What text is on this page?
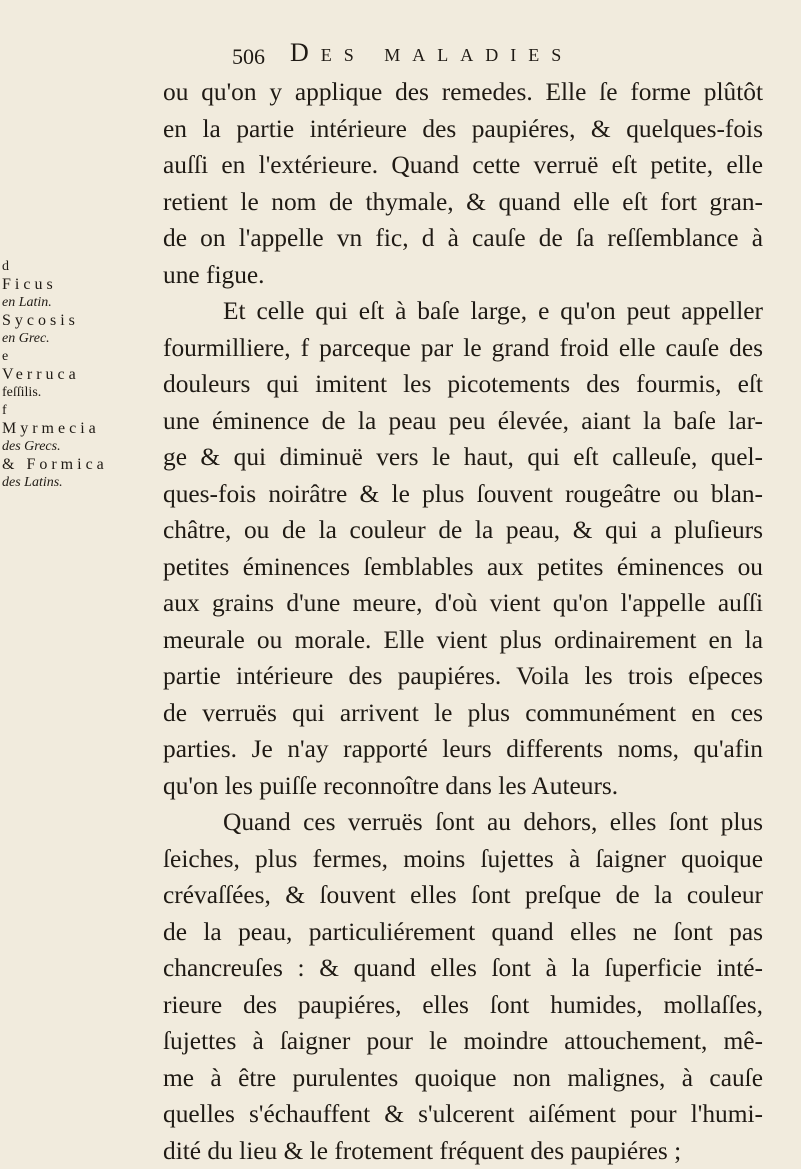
506 Des maladies
d
Ficus
en Latin.
Sycosis
en Grec.
e
Verruca
feſſilis.
f
Myrmecia
des Grecs.
& Formica
des Latins.
ou qu'on y applique des remedes. Elle ſe forme plûtôt
en la partie intérieure des paupiéres, & quelques-fois
auſſi en l'extérieure. Quand cette verruë eſt petite, elle
retient le nom de thymale, & quand elle eſt fort gran-
de on l'appelle vn fic, d à cauſe de ſa reſſemblance à
une figue.
Et celle qui eſt à baſe large, e qu'on peut appeller
fourmilliere, f parceque par le grand froid elle cauſe des
douleurs qui imitent les picotements des fourmis, eſt
une éminence de la peau peu élevée, aiant la baſe lar-
ge & qui diminuë vers le haut, qui eſt calleuſe, quel-
ques-fois noirâtre & le plus ſouvent rougeâtre ou blan-
châtre, ou de la couleur de la peau, & qui a pluſieurs
petites éminences ſemblables aux petites éminences ou
aux grains d'une meure, d'où vient qu'on l'appelle auſſi
meurale ou morale. Elle vient plus ordinairement en la
partie intérieure des paupiéres. Voila les trois eſpeces
de verruës qui arrivent le plus communément en ces
parties. Je n'ay rapporté leurs differents noms, qu'afin
qu'on les puiſſe reconnoître dans les Auteurs.
Quand ces verruës ſont au dehors, elles ſont plus
ſeiches, plus fermes, moins ſujettes à ſaigner quoique
crévaſſées, & ſouvent elles ſont preſque de la couleur
de la peau, particuliérement quand elles ne ſont pas
chancreuſes : & quand elles ſont à la ſuperficie inté-
rieure des paupiéres, elles ſont humides, mollaſſes,
ſujettes à ſaigner pour le moindre attouchement, mê-
me à être purulentes quoique non malignes, à cauſe
quelles s'échauffent & s'ulcerent aiſément pour l'humi-
dité du lieu & le frotement fréquent des paupiéres ;
